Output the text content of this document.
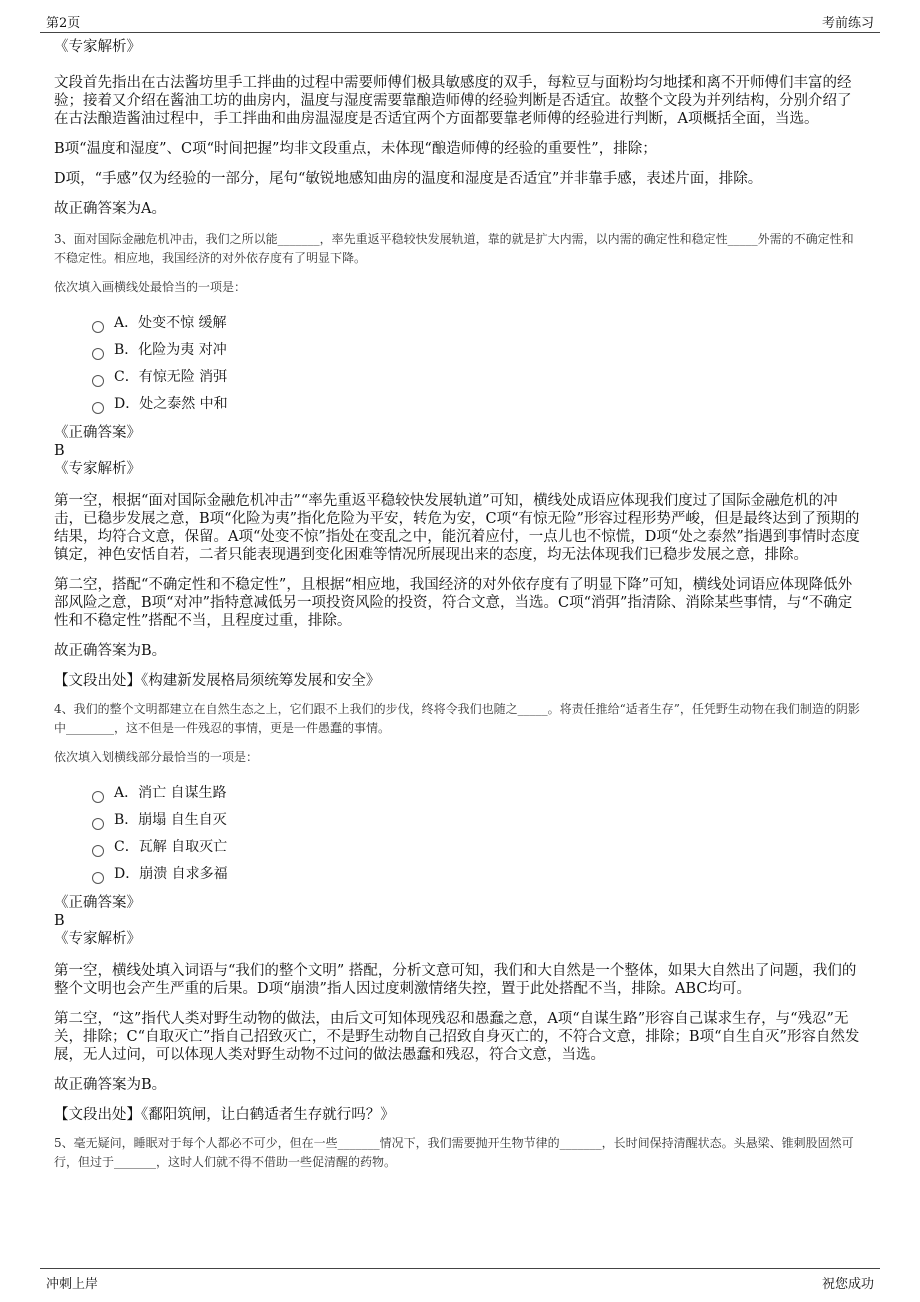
第2页	考前练习

《专家解析》

文段首先指出在古法酱坊里手工拌曲的过程中需要师傅们极具敏感度的双手，每粒豆与面粉均匀地揉和离不开师傅们丰富的经验；接着又介绍在酱油工坊的曲房内，温度与湿度需要靠酿造师傅的经验判断是否适宜。故整个文段为并列结构，分别介绍了在古法酿造酱油过程中，手工拌曲和曲房温湿度是否适宜两个方面都要靠老师傅的经验进行判断，A项概括全面，当选。

B项“温度和湿度”、C项“时间把握”均非文段重点，未体现“酿造师傅的经验的重要性”，排除；

D项，“手感”仅为经验的一部分，尾句“敏锐地感知曲房的温度和湿度是否适宜”并非靠手感，表述片面，排除。

故正确答案为A。

3、面对国际金融危机冲击，我们之所以能_______，率先重返平稳较快发展轨道，靠的就是扩大内需，以内需的确定性和稳定性_____外需的不确定性和不稳定性。相应地，我国经济的对外依存度有了明显下降。

依次填入画横线处最恰当的一项是：

A．处变不惊 缓解
B．化险为夷 对冲
C．有惊无险 消弭
D．处之泰然 中和

《正确答案》

B

《专家解析》

第一空，根据“面对国际金融危机冲击”“率先重返平稳较快发展轨道”可知，横线处成语应体现我们度过了国际金融危机的冲击，已稳步发展之意，B项“化险为夷”指化危险为平安，转危为安，C项“有惊无险”形容过程形势严峻，但是最终达到了预期的结果，均符合文意，保留。A项“处变不惊”指处在变乱之中，能沉着应付，一点儿也不惊慌，D项“处之泰然”指遇到事情时态度镇定，神色安恬自若，二者只能表现遇到变化困难等情况所展现出来的态度，均无法体现我们已稳步发展之意，排除。

第二空，搭配“不确定性和不稳定性”，且根据“相应地，我国经济的对外依存度有了明显下降”可知，横线处词语应体现降低外部风险之意，B项“对冲”指特意减低另一项投资风险的投资，符合文意，当选。C项“消弭”指清除、消除某些事情，与“不确定性和不稳定性”搭配不当，且程度过重，排除。

故正确答案为B。

【文段出处】《构建新发展格局须统筹发展和安全》

4、我们的整个文明都建立在自然生态之上，它们跟不上我们的步伐，终将令我们也随之_____。将责任推给“适者生存”，任凭野生动物在我们制造的阴影中________，这不但是一件残忍的事情，更是一件愚蠢的事情。

依次填入划横线部分最恰当的一项是：

A．消亡 自谋生路
B．崩塌 自生自灭
C．瓦解 自取灭亡
D．崩溃 自求多福

《正确答案》

B

《专家解析》

第一空，横线处填入词语与“我们的整个文明” 搭配，分析文意可知，我们和大自然是一个整体，如果大自然出了问题，我们的整个文明也会产生严重的后果。D项“崩溃”指人因过度刺激情绪失控，置于此处搭配不当，排除。ABC均可。

第二空，“这”指代人类对野生动物的做法，由后文可知体现残忍和愚蠢之意，A项“自谋生路”形容自己谋求生存，与“残忍”无关，排除；C“自取灭亡”指自己招致灭亡，不是野生动物自己招致自身灭亡的，不符合文意，排除；B项“自生自灭”形容自然发展，无人过问，可以体现人类对野生动物不过问的做法愚蠢和残忍，符合文意，当选。

故正确答案为B。

【文段出处】《鄱阳筑闸，让白鹤适者生存就行吗？》

5、毫无疑问，睡眠对于每个人都必不可少，但在一些_______情况下，我们需要抛开生物节律的_______，长时间保持清醒状态。头悬梁、锥刺股固然可行，但过于_______，这时人们就不得不借助一些促清醒的药物。

冲刺上岸	祝您成功
